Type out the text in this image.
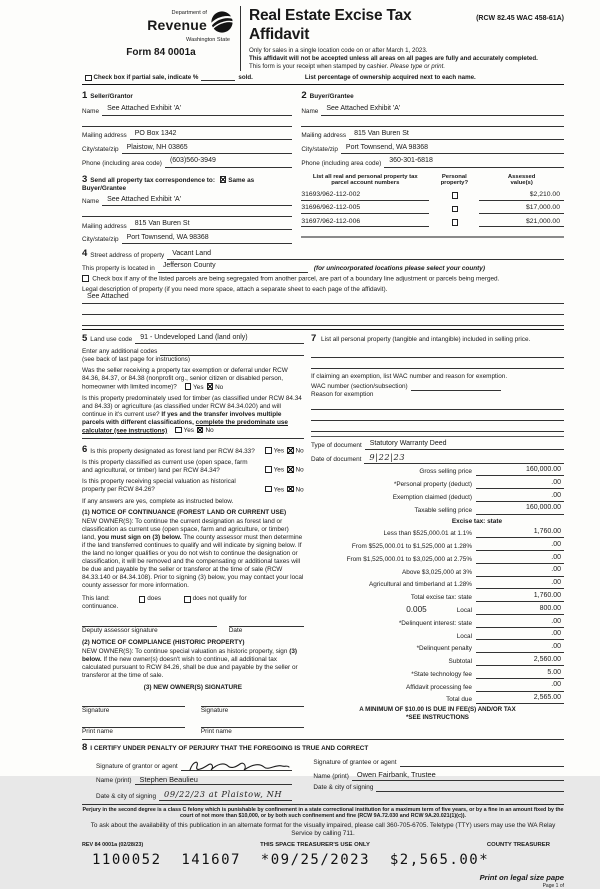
Department of
Revenue
Washington State
Form 84 0001a
Real Estate Excise Tax Affidavit
(RCW 82.45 WAC 458-61A)
Only for sales in a single location code on or after March 1, 2023.
This affidavit will not be accepted unless all areas on all pages are fully and accurately completed.
This form is your receipt when stamped by cashier. Please type or print.
Check box if partial sale, indicate %	sold.	List percentage of ownership acquired next to each name.
1 Seller/Grantor
Name	See Attached Exhibit 'A'
Mailing address	PO Box 1342
City/state/zip	Plaistow, NH 03865
Phone (including area code)	(603)560-3949
2 Buyer/Grantee
Name	See Attached Exhibit 'A'
Mailing address	815 Van Buren St
City/state/zip	Port Townsend, WA 98368
Phone (including area code)	360-301-6818
3 Send all property tax correspondence to: Same as Buyer/Grantee
Name	See Attached Exhibit 'A'
Mailing address	815 Van Buren St
City/state/zip	Port Townsend, WA 98368
List all real and personal property tax
parcel account numbers
Personal
property?
Assessed
value(s)
31693/962-112-002	$2,210.00
31696/962-112-005	$17,000.00
31697/962-112-006	$21,000.00
4 Street address of property	Vacant Land
This property is located in	Jefferson County	(for unincorporated locations please select your county)
Check box if any of the listed parcels are being segregated from another parcel, are part of a boundary line adjustment or parcels being merged.
Legal description of property (if you need more space, attach a separate sheet to each page of the affidavit).
See Attached
5 Land use code	91 - Undeveloped Land (land only)
Enter any additional codes
(see back of last page for instructions)
Was the seller receiving a property tax exemption or deferral under RCW 84.36, 84.37, or 84.38 (nonprofit org., senior citizen or disabled person, homeowner with limited income)?	Yes No
Is this property predominately used for timber (as classified under RCW 84.34 and 84.33) or agriculture (as classified under RCW 84.34.020) and will continue in it's current use? If yes and the transfer involves multiple parcels with different classifications, complete the predominate use calculator (see instructions)	Yes No
6 Is this property designated as forest land per RCW 84.33?	Yes No
Is this property classified as current use (open space, farm and agricultural, or timber) land per RCW 84.34?	Yes No
Is this property receiving special valuation as historical property per RCW 84.26?	Yes No
If any answers are yes, complete as instructed below.
(1) NOTICE OF CONTINUANCE (FOREST LAND OR CURRENT USE)
NEW OWNER(S): To continue the current designation as forest land or classification as current use (open space, farm and agriculture, or timber) land, you must sign on (3) below. The county assessor must then determine if the land transferred continues to qualify and will indicate by signing below. If the land no longer qualifies or you do not wish to continue the designation or classification, it will be removed and the compensating or additional taxes will be due and payable by the seller or transferor at the time of sale (RCW 84.33.140 or 84.34.108). Prior to signing (3) below, you may contact your local county assessor for more information.
This land:	does	does not qualify for
continuance.
Deputy assessor signature	Date
(2) NOTICE OF COMPLIANCE (HISTORIC PROPERTY)
NEW OWNER(S): To continue special valuation as historic property, sign (3) below. If the new owner(s) doesn't wish to continue, all additional tax calculated pursuant to RCW 84.26, shall be due and payable by the seller or transferor at the time of sale.
(3) NEW OWNER(S) SIGNATURE
Signature	Signature
Print name	Print name
7 List all personal property (tangible and intangible) included in selling price.
If claiming an exemption, list WAC number and reason for exemption.
WAC number (section/subsection)
Reason for exemption
Type of document	Statutory Warranty Deed
Date of document 9|22|23
Gross selling price	160,000.00
*Personal property (deduct)	.00
Exemption claimed (deduct)	.00
Taxable selling price	160,000.00
Excise tax: state
Less than $525,000.01 at 1.1%	1,760.00
From $525,000.01 to $1,525,000 at 1.28%	.00
From $1,525,000.01 to $3,025,000 at 2.75%	.00
Above $3,025,000 at 3%	.00
Agricultural and timberland at 1.28%	.00
Total excise tax: state	1,760.00
0.005	Local	800.00
*Delinquent interest: state	.00
Local	.00
*Delinquent penalty	.00
Subtotal	2,560.00
*State technology fee	5.00
Affidavit processing fee	.00
Total due	2,565.00
A MINIMUM OF $10.00 IS DUE IN FEE(S) AND/OR TAX
*SEE INSTRUCTIONS
8 I CERTIFY UNDER PENALTY OF PERJURY THAT THE FOREGOING IS TRUE AND CORRECT
Signature of grantor or agent
Name (print)	Stephen Beaulieu
Date & city of signing 09/22/23 at Plaistow, NH
Signature of grantee or agent
Name (print)	Owen Fairbank, Trustee
Date & city of signing
Perjury in the second degree is a class C felony which is punishable by confinement in a state correctional institution for a maximum term of five years, or by a fine in an amount fixed by the court of not more than $10,000, or by both such confinement and fine (RCW 9A.72.030 and RCW 9A.20.021(1)(c)).
To ask about the availability of this publication in an alternate format for the visually impaired, please call 360-705-6705. Teletype (TTY) users may use the WA Relay Service by calling 711.
REV 84 0001a (02/28/23)	THIS SPACE TREASURER'S USE ONLY	COUNTY TREASURER
1100052  141607  *09/25/2023  $2,565.00*
Print on legal size pape
Page 1 of
